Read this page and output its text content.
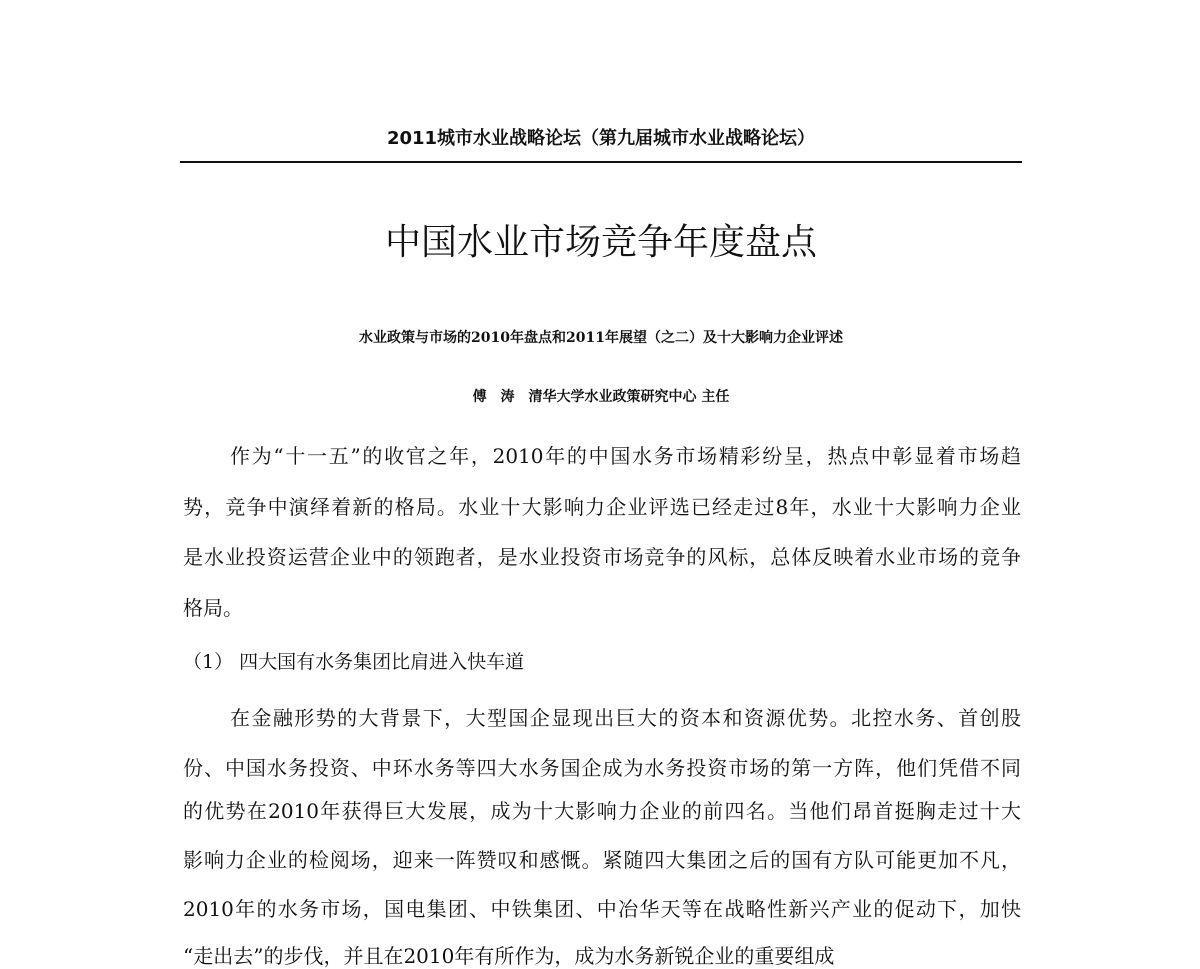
2011城市水业战略论坛（第九届城市水业战略论坛）
中国水业市场竞争年度盘点
水业政策与市场的2010年盘点和2011年展望（之二）及十大影响力企业评述
傅　涛　清华大学水业政策研究中心 主任
作为“十一五”的收官之年，2010年的中国水务市场精彩纷呈，热点中彰显着市场趋
势，竞争中演绎着新的格局。水业十大影响力企业评选已经走过8年，水业十大影响力企业
是水业投资运营企业中的领跑者，是水业投资市场竞争的风标，总体反映着水业市场的竞争
格局。
（1） 四大国有水务集团比肩进入快车道
在金融形势的大背景下，大型国企显现出巨大的资本和资源优势。北控水务、首创股
份、中国水务投资、中环水务等四大水务国企成为水务投资市场的第一方阵，他们凭借不同
的优势在2010年获得巨大发展，成为十大影响力企业的前四名。当他们昂首挺胸走过十大
影响力企业的检阅场，迎来一阵赞叹和感慨。紧随四大集团之后的国有方队可能更加不凡，
2010年的水务市场，国电集团、中铁集团、中冶华天等在战略性新兴产业的促动下，加快
“走出去”的步伐，并且在2010年有所作为，成为水务新锐企业的重要组成
